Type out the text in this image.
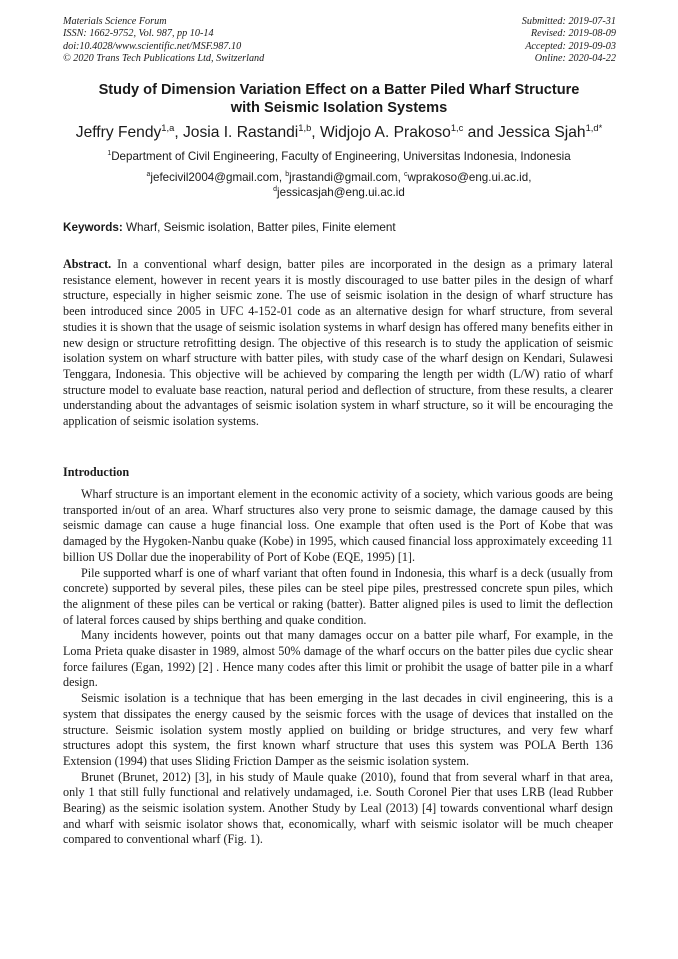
Materials Science Forum
ISSN: 1662-9752, Vol. 987, pp 10-14
doi:10.4028/www.scientific.net/MSF.987.10
© 2020 Trans Tech Publications Ltd, Switzerland
Submitted: 2019-07-31
Revised: 2019-08-09
Accepted: 2019-09-03
Online: 2020-04-22
Study of Dimension Variation Effect on a Batter Piled Wharf Structure
with Seismic Isolation Systems
Jeffry Fendy$^{1,a}$, Josia I. Rastandi$^{1,b}$, Widjojo A. Prakoso$^{1,c}$ and Jessica Sjah$^{1,d*}$
$^1$Department of Civil Engineering, Faculty of Engineering, Universitas Indonesia, Indonesia
$^a$jefecivil2004@gmail.com, $^b$jrastandi@gmail.com, $^c$wprakoso@eng.ui.ac.id,
$^d$jessicasjah@eng.ui.ac.id
Keywords: Wharf, Seismic isolation, Batter piles, Finite element
Abstract. In a conventional wharf design, batter piles are incorporated in the design as a primary lateral resistance element, however in recent years it is mostly discouraged to use batter piles in the design of wharf structure, especially in higher seismic zone. The use of seismic isolation in the design of wharf structure has been introduced since 2005 in UFC 4-152-01 code as an alternative design for wharf structure, from several studies it is shown that the usage of seismic isolation systems in wharf design has offered many benefits either in new design or structure retrofitting design. The objective of this research is to study the application of seismic isolation system on wharf structure with batter piles, with study case of the wharf design on Kendari, Sulawesi Tenggara, Indonesia. This objective will be achieved by comparing the length per width (L/W) ratio of wharf structure model to evaluate base reaction, natural period and deflection of structure, from these results, a clearer understanding about the advantages of seismic isolation system in wharf structure, so it will be encouraging the application of seismic isolation systems.
Introduction

Wharf structure is an important element in the economic activity of a society, which various goods are being transported in/out of an area. Wharf structures also very prone to seismic damage, the damage caused by this seismic damage can cause a huge financial loss. One example that often used is the Port of Kobe that was damaged by the Hygoken-Nanbu quake (Kobe) in 1995, which caused financial loss approximately exceeding 11 billion US Dollar due the inoperability of Port of Kobe (EQE, 1995) [1].

Pile supported wharf is one of wharf variant that often found in Indonesia, this wharf is a deck (usually from concrete) supported by several piles, these piles can be steel pipe piles, prestressed concrete spun piles, which the alignment of these piles can be vertical or raking (batter). Batter aligned piles is used to limit the deflection of lateral forces caused by ships berthing and quake condition.

Many incidents however, points out that many damages occur on a batter pile wharf, For example, in the Loma Prieta quake disaster in 1989, almost 50% damage of the wharf occurs on the batter piles due cyclic shear force failures (Egan, 1992) [2] . Hence many codes after this limit or prohibit the usage of batter pile in a wharf design.

Seismic isolation is a technique that has been emerging in the last decades in civil engineering, this is a system that dissipates the energy caused by the seismic forces with the usage of devices that installed on the structure. Seismic isolation system mostly applied on building or bridge structures, and very few wharf structures adopt this system, the first known wharf structure that uses this system was POLA Berth 136 Extension (1994) that uses Sliding Friction Damper as the seismic isolation system.

Brunet (Brunet, 2012) [3], in his study of Maule quake (2010), found that from several wharf in that area, only 1 that still fully functional and relatively undamaged, i.e. South Coronel Pier that uses LRB (lead Rubber Bearing) as the seismic isolation system. Another Study by Leal (2013) [4] towards conventional wharf design and wharf with seismic isolator shows that, economically, wharf with seismic isolator will be much cheaper compared to conventional wharf (Fig. 1).
